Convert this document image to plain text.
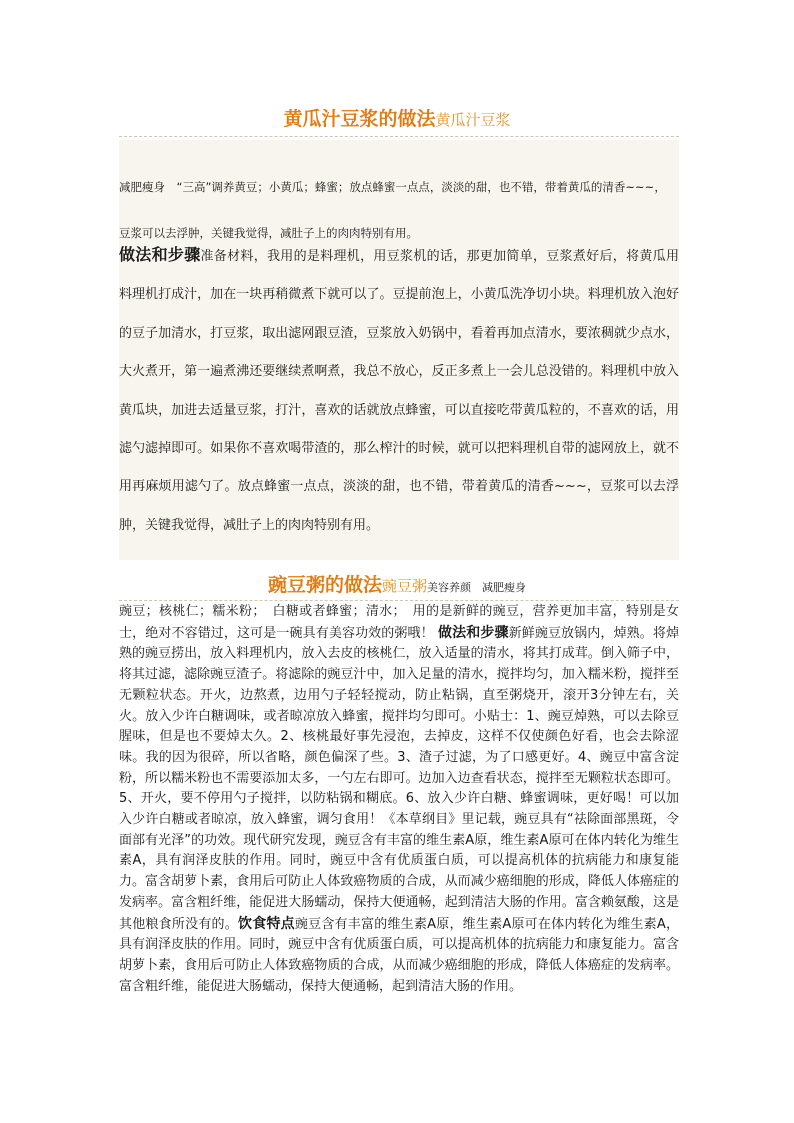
黄瓜汁豆浆的做法黄瓜汁豆浆

减肥瘦身　“三高”调养黄豆；小黄瓜；蜂蜜；放点蜂蜜一点点，淡淡的甜，也不错，带着黄瓜的清香~~~，

豆浆可以去浮肿，关键我觉得，减肚子上的肉肉特别有用。

做法和步骤准备材料，我用的是料理机，用豆浆机的话，那更加简单，豆浆煮好后，将黄瓜用料理机打成汁，加在一块再稍微煮下就可以了。豆提前泡上，小黄瓜洗净切小块。料理机放入泡好的豆子加清水，打豆浆，取出滤网跟豆渣，豆浆放入奶锅中，看着再加点清水，要浓稠就少点水，大火煮开，第一遍煮沸还要继续煮啊煮，我总不放心，反正多煮上一会儿总没错的。料理机中放入黄瓜块，加进去适量豆浆，打汁，喜欢的话就放点蜂蜜，可以直接吃带黄瓜粒的，不喜欢的话，用滤勺滤掉即可。如果你不喜欢喝带渣的，那么榨汁的时候，就可以把料理机自带的滤网放上，就不用再麻烦用滤勺了。放点蜂蜜一点点，淡淡的甜，也不错，带着黄瓜的清香~~~，豆浆可以去浮肿，关键我觉得，减肚子上的肉肉特别有用。
豌豆粥的做法豌豆粥美容养颜　减肥瘦身
豌豆；核桃仁；糯米粉；　白糖或者蜂蜜；清水；　用的是新鲜的豌豆，营养更加丰富，特别是女士，绝对不容错过，这可是一碗具有美容功效的粥哦！ 做法和步骤新鲜豌豆放锅内，焯熟。将焯熟的豌豆捞出，放入料理机内，放入去皮的核桃仁，放入适量的清水，将其打成茸。倒入筛子中，将其过滤，滤除豌豆渣子。将滤除的豌豆汁中，加入足量的清水，搅拌均匀，加入糯米粉，搅拌至无颗粒状态。开火，边熬煮，边用勺子轻轻搅动，防止粘锅，直至粥烧开，滚开3分钟左右，关火。放入少许白糖调味，或者晾凉放入蜂蜜，搅拌均匀即可。小贴士：1、豌豆焯熟，可以去除豆腥味，但是也不要焯太久。2、核桃最好事先浸泡，去掉皮，这样不仅使颜色好看，也会去除涩味。我的因为很碎，所以省略，颜色偏深了些。3、渣子过滤，为了口感更好。4、豌豆中富含淀粉，所以糯米粉也不需要添加太多，一勺左右即可。边加入边查看状态，搅拌至无颗粒状态即可。5、开火，要不停用勺子搅拌，以防粘锅和糊底。6、放入少许白糖、蜂蜜调味，更好喝！可以加入少许白糖或者晾凉，放入蜂蜜，调匀食用！《本草纲目》里记载，豌豆具有“祛除面部黑斑，令面部有光泽”的功效。现代研究发现，豌豆含有丰富的维生素A原，维生素A原可在体内转化为维生素A，具有润泽皮肤的作用。同时，豌豆中含有优质蛋白质，可以提高机体的抗病能力和康复能力。富含胡萝卜素，食用后可防止人体致癌物质的合成，从而减少癌细胞的形成，降低人体癌症的发病率。富含粗纤维，能促进大肠蠕动，保持大便通畅，起到清洁大肠的作用。富含赖氨酸，这是其他粮食所没有的。饮食特点豌豆含有丰富的维生素A原，维生素A原可在体内转化为维生素A，具有润泽皮肤的作用。同时，豌豆中含有优质蛋白质，可以提高机体的抗病能力和康复能力。富含胡萝卜素，食用后可防止人体致癌物质的合成，从而减少癌细胞的形成，降低人体癌症的发病率。富含粗纤维，能促进大肠蠕动，保持大便通畅，起到清洁大肠的作用。
